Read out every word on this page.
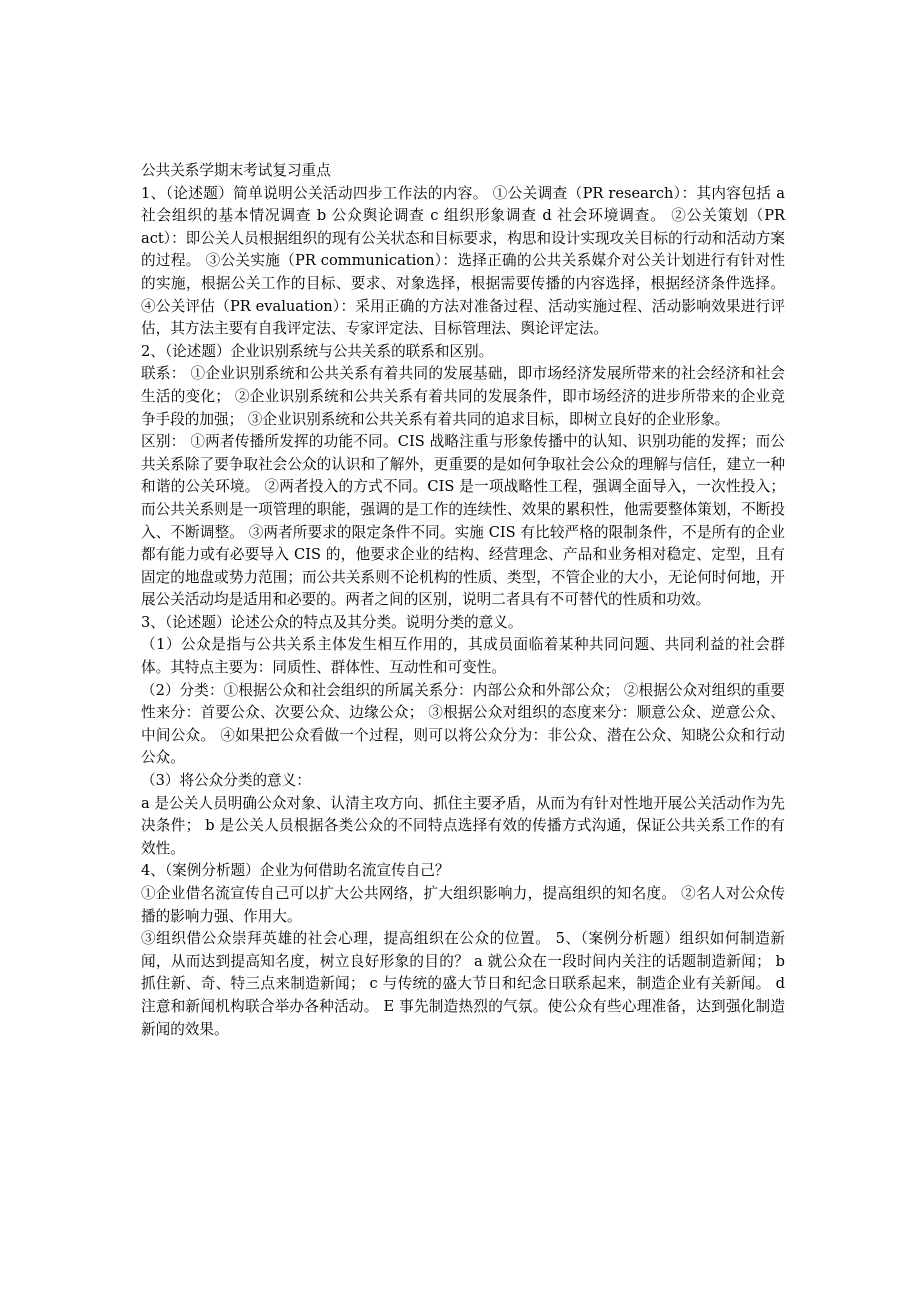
公共关系学期末考试复习重点
1、（论述题）简单说明公关活动四步工作法的内容。 ①公关调查（PR research）：其内容包括 a 社会组织的基本情况调查 b 公众舆论调查 c 组织形象调查 d 社会环境调查。 ②公关策划（PR act）：即公关人员根据组织的现有公关状态和目标要求，构思和设计实现攻关目标的行动和活动方案的过程。 ③公关实施（PR communication）：选择正确的公共关系媒介对公关计划进行有针对性的实施，根据公关工作的目标、要求、对象选择，根据需要传播的内容选择，根据经济条件选择。 ④公关评估（PR evaluation）：采用正确的方法对准备过程、活动实施过程、活动影响效果进行评估，其方法主要有自我评定法、专家评定法、目标管理法、舆论评定法。
2、（论述题）企业识别系统与公共关系的联系和区别。
联系： ①企业识别系统和公共关系有着共同的发展基础，即市场经济发展所带来的社会经济和社会生活的变化； ②企业识别系统和公共关系有着共同的发展条件，即市场经济的进步所带来的企业竞争手段的加强； ③企业识别系统和公共关系有着共同的追求目标，即树立良好的企业形象。
区别： ①两者传播所发挥的功能不同。CIS 战略注重与形象传播中的认知、识别功能的发挥；而公共关系除了要争取社会公众的认识和了解外，更重要的是如何争取社会公众的理解与信任，建立一种和谐的公关环境。 ②两者投入的方式不同。CIS 是一项战略性工程，强调全面导入，一次性投入；而公共关系则是一项管理的职能，强调的是工作的连续性、效果的累积性，他需要整体策划，不断投入、不断调整。 ③两者所要求的限定条件不同。实施 CIS 有比较严格的限制条件，不是所有的企业都有能力或有必要导入 CIS 的，他要求企业的结构、经营理念、产品和业务相对稳定、定型，且有固定的地盘或势力范围；而公共关系则不论机构的性质、类型，不管企业的大小，无论何时何地，开展公关活动均是适用和必要的。两者之间的区别，说明二者具有不可替代的性质和功效。
3、（论述题）论述公众的特点及其分类。说明分类的意义。
（1）公众是指与公共关系主体发生相互作用的，其成员面临着某种共同问题、共同利益的社会群体。其特点主要为：同质性、群体性、互动性和可变性。
（2）分类：①根据公众和社会组织的所属关系分：内部公众和外部公众； ②根据公众对组织的重要性来分：首要公众、次要公众、边缘公众； ③根据公众对组织的态度来分：顺意公众、逆意公众、中间公众。 ④如果把公众看做一个过程，则可以将公众分为：非公众、潜在公众、知晓公众和行动公众。
（3）将公众分类的意义：
a 是公关人员明确公众对象、认清主攻方向、抓住主要矛盾，从而为有针对性地开展公关活动作为先决条件； b 是公关人员根据各类公众的不同特点选择有效的传播方式沟通，保证公共关系工作的有效性。
4、（案例分析题）企业为何借助名流宣传自己？
①企业借名流宣传自己可以扩大公共网络，扩大组织影响力，提高组织的知名度。 ②名人对公众传播的影响力强、作用大。
③组织借公众崇拜英雄的社会心理，提高组织在公众的位置。 5、（案例分析题）组织如何制造新闻，从而达到提高知名度，树立良好形象的目的？ a 就公众在一段时间内关注的话题制造新闻； b 抓住新、奇、特三点来制造新闻； c 与传统的盛大节日和纪念日联系起来，制造企业有关新闻。 d 注意和新闻机构联合举办各种活动。 E 事先制造热烈的气氛。使公众有些心理准备，达到强化制造新闻的效果。
